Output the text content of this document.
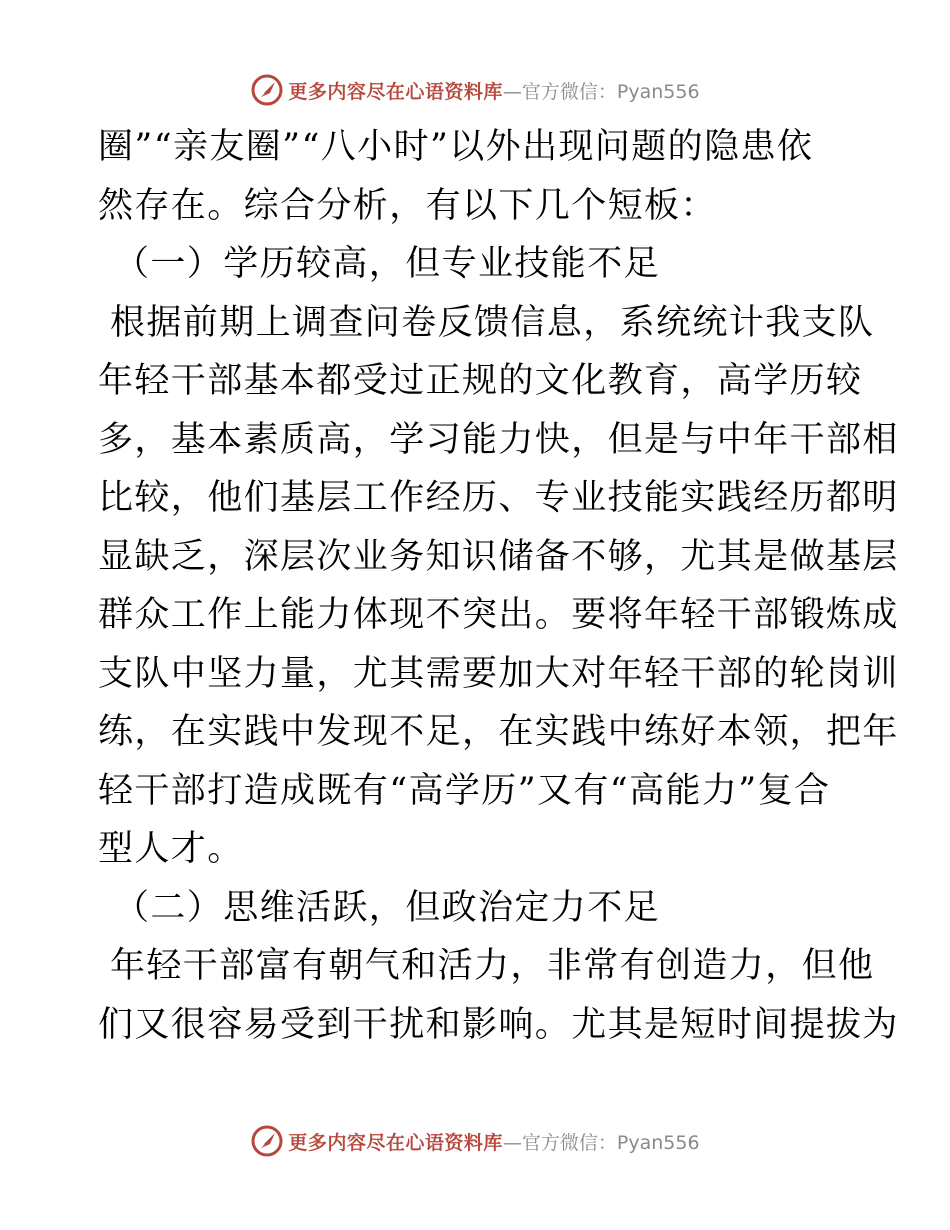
更多内容尽在心语资料库—官方微信：Pyan556
圈”“亲友圈”“八小时”以外出现问题的隐患依
然存在。综合分析，有以下几个短板：
（一）学历较高，但专业技能不足
根据前期上调查问卷反馈信息，系统统计我支队
年轻干部基本都受过正规的文化教育，高学历较
多，基本素质高，学习能力快，但是与中年干部相
比较，他们基层工作经历、专业技能实践经历都明
显缺乏，深层次业务知识储备不够，尤其是做基层
群众工作上能力体现不突出。要将年轻干部锻炼成
支队中坚力量，尤其需要加大对年轻干部的轮岗训
练，在实践中发现不足，在实践中练好本领，把年
轻干部打造成既有“高学历”又有“高能力”复合
型人才。
（二）思维活跃，但政治定力不足
年轻干部富有朝气和活力，非常有创造力，但他
们又很容易受到干扰和影响。尤其是短时间提拔为
更多内容尽在心语资料库—官方微信：Pyan556
